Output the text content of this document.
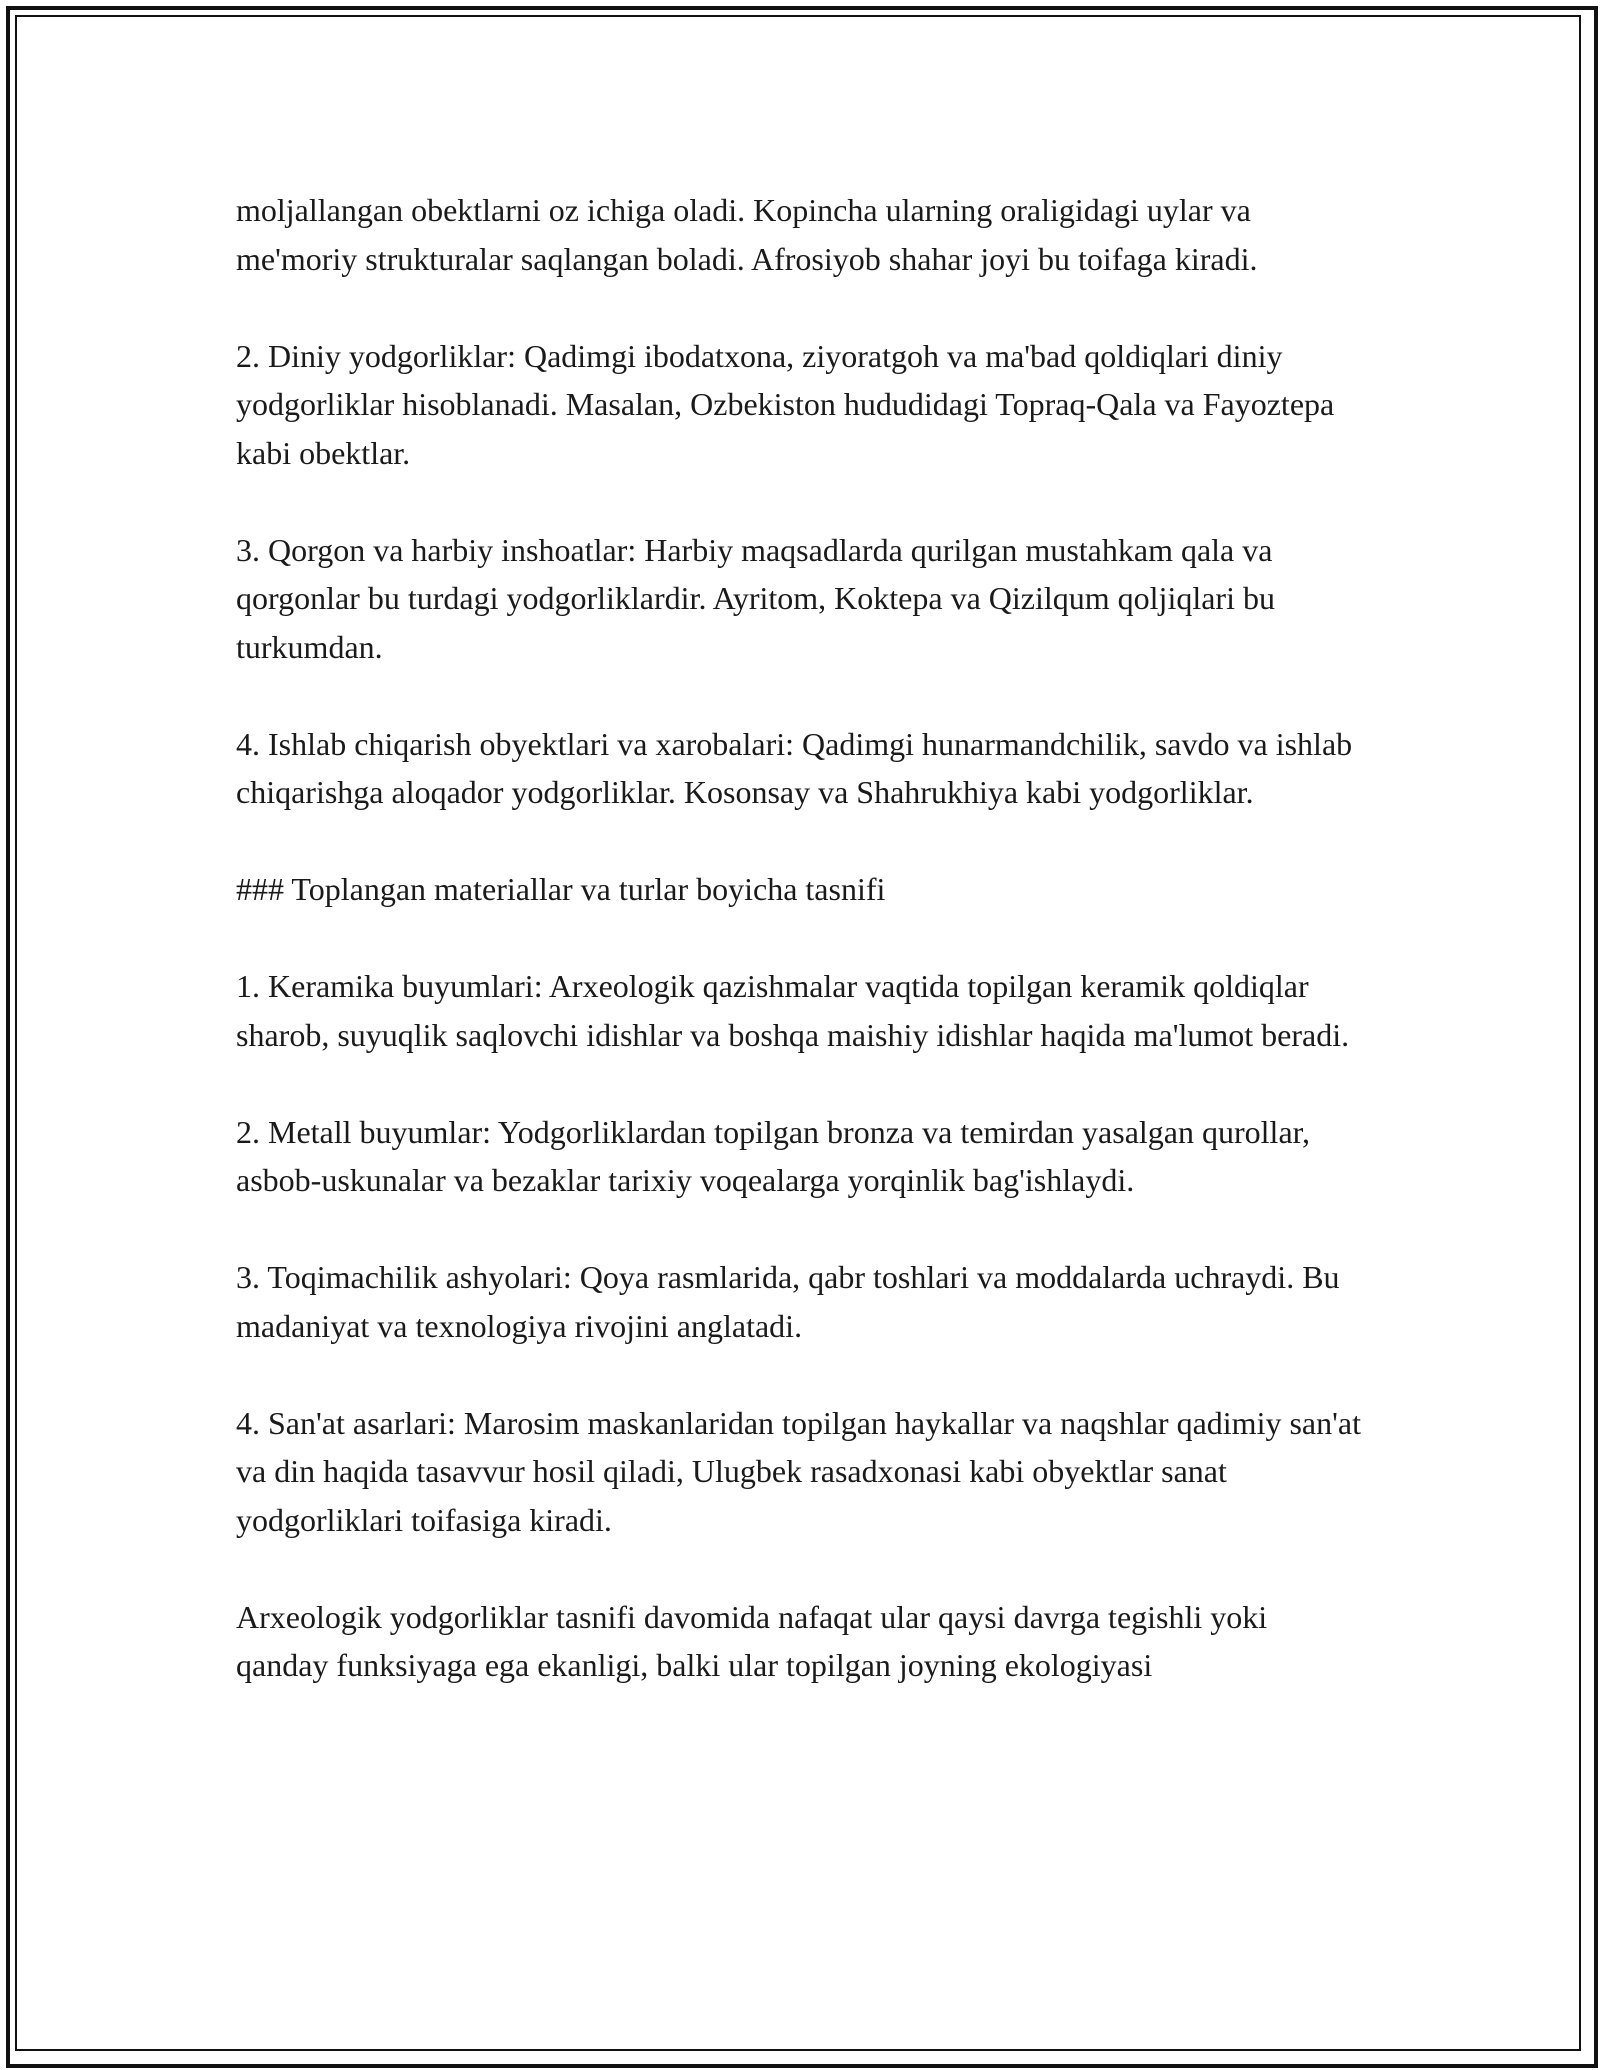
moljallangan obektlarni oz ichiga oladi. Kopincha ularning oraligidagi uylar va me'moriy strukturalar saqlangan boladi. Afrosiyob shahar joyi bu toifaga kiradi.

2. Diniy yodgorliklar: Qadimgi ibodatxona, ziyoratgoh va ma'bad qoldiqlari diniy yodgorliklar hisoblanadi. Masalan, Ozbekiston hududidagi Topraq-Qala va Fayoztepa kabi obektlar.

3. Qorgon va harbiy inshoatlar: Harbiy maqsadlarda qurilgan mustahkam qala va qorgonlar bu turdagi yodgorliklardir. Ayritom, Koktepa va Qizilqum qoljiqlari bu turkumdan.

4. Ishlab chiqarish obyektlari va xarobalari: Qadimgi hunarmandchilik, savdo va ishlab chiqarishga aloqador yodgorliklar. Kosonsay va Shahrukhiya kabi yodgorliklar.

### Toplangan materiallar va turlar boyicha tasnifi

1. Keramika buyumlari: Arxeologik qazishmalar vaqtida topilgan keramik qoldiqlar sharob, suyuqlik saqlovchi idishlar va boshqa maishiy idishlar haqida ma'lumot beradi.

2. Metall buyumlar: Yodgorliklardan topilgan bronza va temirdan yasalgan qurollar, asbob-uskunalar va bezaklar tarixiy voqealarga yorqinlik bag'ishlaydi.

3. Toqimachilik ashyolari: Qoya rasmlarida, qabr toshlari va moddalarda uchraydi. Bu madaniyat va texnologiya rivojini anglatadi.

4. San'at asarlari: Marosim maskanlaridan topilgan haykallar va naqshlar qadimiy san'at va din haqida tasavvur hosil qiladi, Ulugbek rasadxonasi kabi obyektlar sanat yodgorliklari toifasiga kiradi.

Arxeologik yodgorliklar tasnifi davomida nafaqat ular qaysi davrga tegishli yoki qanday funksiyaga ega ekanligi, balki ular topilgan joyning ekologiyasi
